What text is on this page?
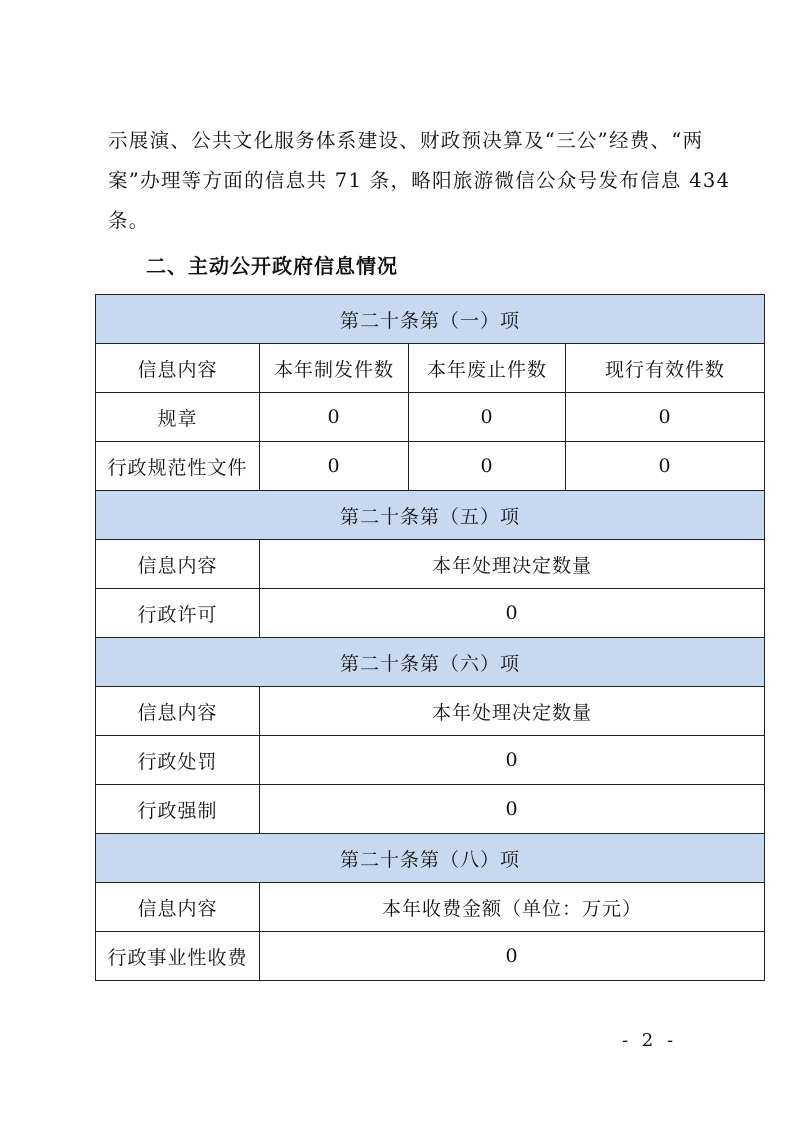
示展演、公共文化服务体系建设、财政预决算及“三公”经费、“两
案”办理等方面的信息共 71 条，略阳旅游微信公众号发布信息 434
条。

二、主动公开政府信息情况
第二十条第（一）项			
信息内容	本年制发件数	本年废止件数	现行有效件数
规章	0	0	0
行政规范性文件	0	0	0
第二十条第（五）项			
信息内容	本年处理决定数量		
行政许可	0		
第二十条第（六）项			
信息内容	本年处理决定数量		
行政处罚	0		
行政强制	0		
第二十条第（八）项			
信息内容	本年收费金额（单位：万元）		
行政事业性收费	0		
- 2 -
